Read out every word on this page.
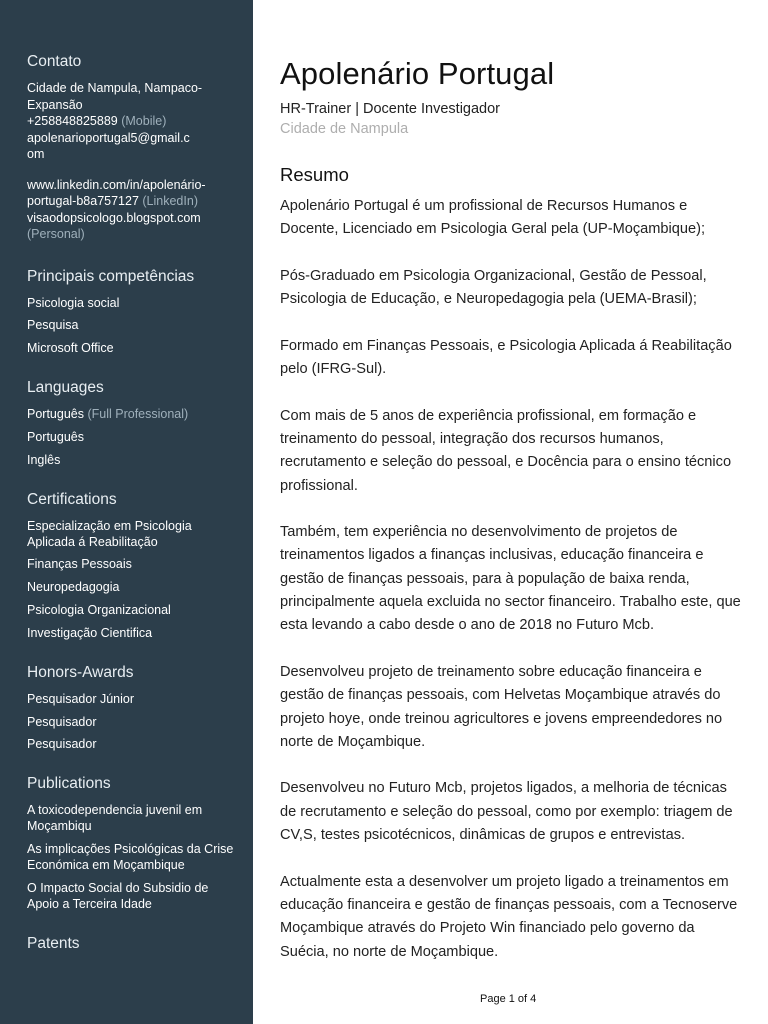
Contato
Cidade de Nampula, Nampaco-
Expansão
+258848825889 (Mobile)
apolenarioportugal5@gmail.c
om
www.linkedin.com/in/apolenário-
portugal-b8a757127 (LinkedIn)
visaodopsicologo.blogspot.com
(Personal)
Principais competências
Psicologia social
Pesquisa
Microsoft Office
Languages
Português (Full Professional)
Português
Inglês
Certifications
Especialização em Psicologia Aplicada á Reabilitação
Finanças Pessoais
Neuropedagogia
Psicologia Organizacional
Investigação Cientifica
Honors-Awards
Pesquisador Júnior
Pesquisador
Pesquisador
Publications
A toxicodependencia juvenil em Moçambiqu
As implicações Psicológicas da Crise Económica em Moçambique
O Impacto Social do Subsidio de Apoio a Terceira Idade
Patents
Apolenário Portugal
HR-Trainer | Docente Investigador
Cidade de Nampula
Resumo

Apolenário Portugal é um profissional de Recursos Humanos e Docente, Licenciado em Psicologia Geral pela (UP-Moçambique);

Pós-Graduado em Psicologia Organizacional, Gestão de Pessoal, Psicologia de Educação, e Neuropedagogia pela (UEMA-Brasil);

Formado em Finanças Pessoais, e Psicologia Aplicada á Reabilitação pelo (IFRG-Sul).

Com mais de 5 anos de experiência profissional, em formação e treinamento do pessoal, integração dos recursos humanos, recrutamento e seleção do pessoal, e Docência para o ensino técnico profissional.

Também, tem experiência no desenvolvimento de projetos de treinamentos ligados a finanças inclusivas, educação financeira e gestão de finanças pessoais, para à população de baixa renda, principalmente aquela excluida no sector financeiro. Trabalho este, que esta levando a cabo desde o ano de 2018 no Futuro Mcb.

Desenvolveu projeto de treinamento sobre educação financeira e gestão de finanças pessoais, com Helvetas Moçambique através do projeto hoye, onde treinou agricultores e jovens empreendedores no norte de Moçambique.

Desenvolveu no Futuro Mcb, projetos ligados, a melhoria de técnicas de recrutamento e seleção do pessoal, como por exemplo: triagem de CV,S, testes psicotécnicos, dinâmicas de grupos e entrevistas.

Actualmente esta a desenvolver um projeto ligado a treinamentos em educação financeira e gestão de finanças pessoais, com a Tecnoserve Moçambique através do Projeto Win financiado pelo governo da Suécia, no norte de Moçambique.

Page 1 of 4
